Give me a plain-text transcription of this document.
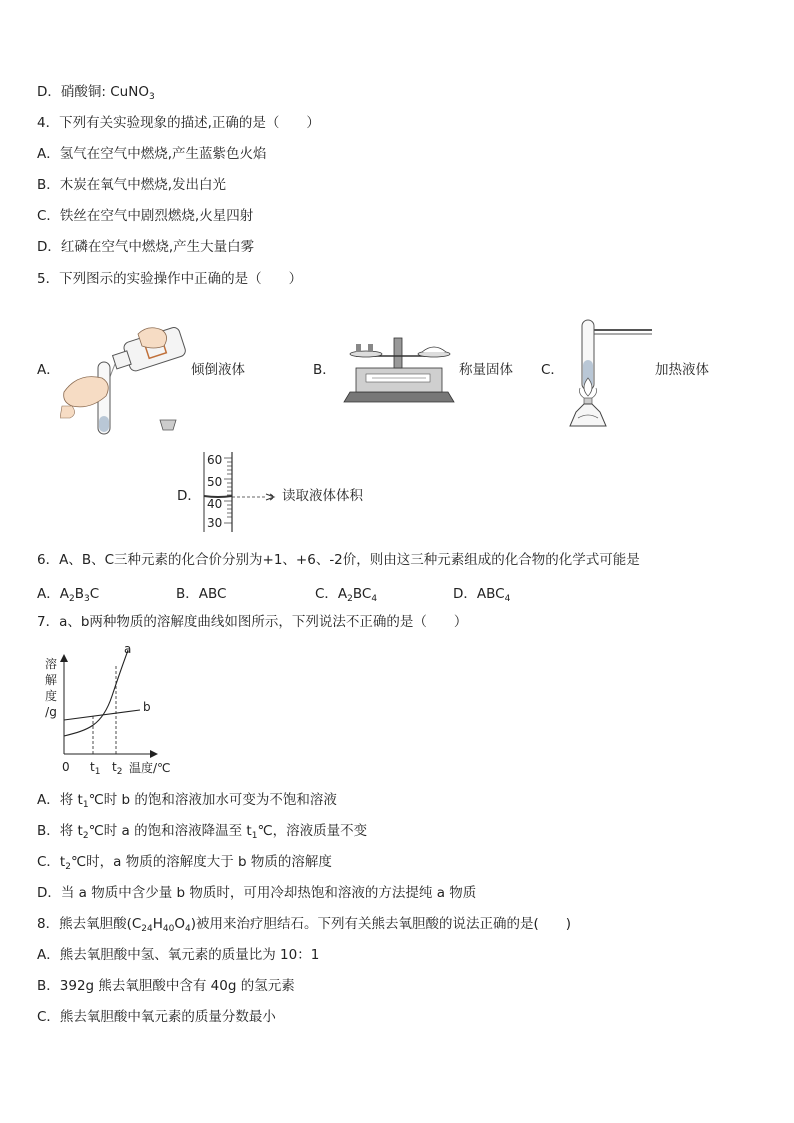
D．硝酸铜: CuNO$_3$
4．下列有关实验现象的描述,正确的是（　　）
A．氢气在空气中燃烧,产生蓝紫色火焰
B．木炭在氧气中燃烧,发出白光
C．铁丝在空气中剧烈燃烧,火星四射
D．红磷在空气中燃烧,产生大量白雾
5．下列图示的实验操作中正确的是（　　）
A．	倾倒液体	B．	称量固体 C．	加热液体
D．
60
50
40
30
读取液体体积
6．A、B、C三种元素的化合价分别为+1、+6、-2价，则由这三种元素组成的化合物的化学式可能是
A．$A_2B_3C$	B．ABC	C．$A_2BC_4$	D．$ABC_4$
7．a、b两种物质的溶解度曲线如图所示，下列说法不正确的是（　　）
溶
解
度
/g
a
b
0 $t_1$ $t_2$ 温度/℃
A．将 $t_1℃$时 b 的饱和溶液加水可变为不饱和溶液
B．将 $t_2℃$时 a 的饱和溶液降温至 $t_1℃$，溶液质量不变
C．$t_2℃$时，a 物质的溶解度大于 b 物质的溶解度
D．当 a 物质中含少量 b 物质时，可用冷却热饱和溶液的方法提纯 a 物质
8．熊去氧胆酸$(C_{24}H_{40}O_4)$被用来治疗胆结石。下列有关熊去氧胆酸的说法正确的是(　　)
A．熊去氧胆酸中氢、氧元素的质量比为 10：1
B．392g 熊去氧胆酸中含有 40g 的氢元素
C．熊去氧胆酸中氧元素的质量分数最小
